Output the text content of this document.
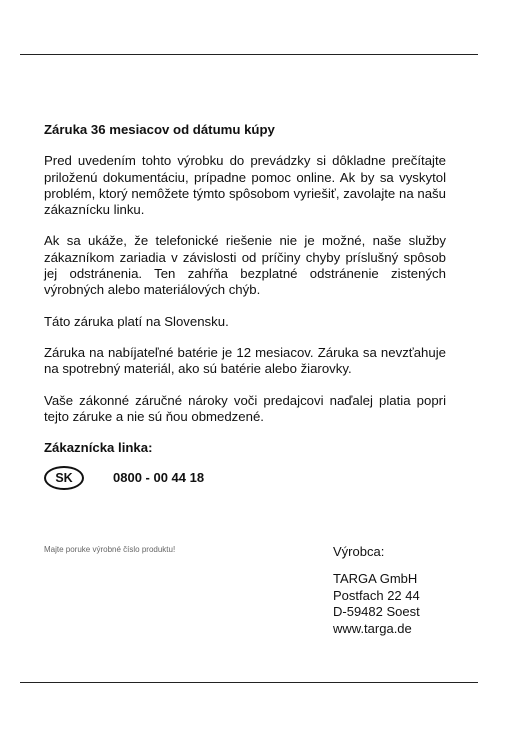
Záruka 36 mesiacov od dátumu kúpy
Pred uvedením tohto výrobku do prevádzky si dôkladne prečítajte priloženú dokumentáciu, prípadne pomoc online. Ak by sa vyskytol problém, ktorý nemôžete týmto spôsobom vyriešiť, zavolajte na našu zákaznícku linku.
Ak sa ukáže, že telefonické riešenie nie je možné, naše služby zákazníkom zariadia v závislosti od príčiny chyby príslušný spôsob jej odstránenia. Ten zahŕňa bezplatné odstránenie zistených výrobných alebo materiálových chýb.
Táto záruka platí na Slovensku.
Záruka na nabíjateľné batérie je 12 mesiacov. Záruka sa nevzťahuje na spotrebný materiál, ako sú batérie alebo žiarovky.
Vaše zákonné záručné nároky voči predajcovi naďalej platia popri tejto záruke a nie sú ňou obmedzené.
Zákaznícka linka:
SK	0800 - 00 44 18
Majte poruke výrobné číslo produktu!	Výrobca:
TARGA GmbH
Postfach 22 44
D-59482 Soest
www.targa.de
